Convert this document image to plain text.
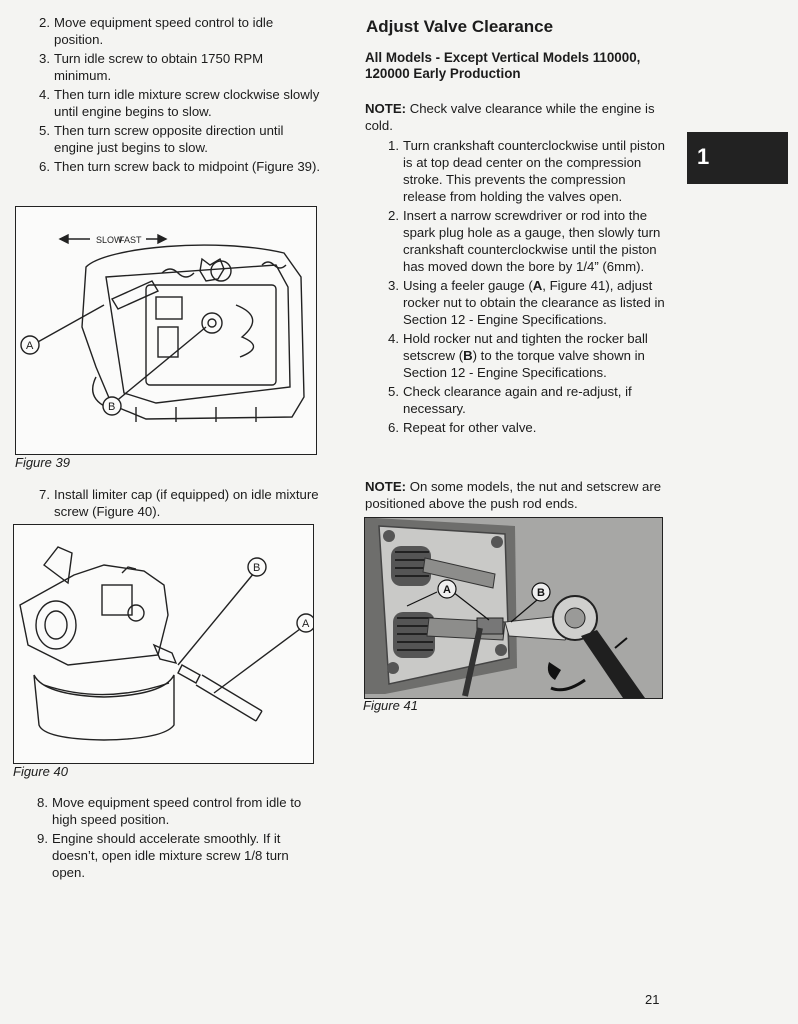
2. Move equipment speed control to idle position.
3. Turn idle screw to obtain 1750 RPM minimum.
4. Then turn idle mixture screw clockwise slowly until engine begins to slow.
5. Then turn screw opposite direction until engine just begins to slow.
6. Then turn screw back to midpoint (Figure 39).
SLOW
FAST
A
B
Figure 39
7. Install limiter cap (if equipped) on idle mixture screw (Figure 40).
B
A
Figure 40
8. Move equipment speed control from idle to high speed position.
9. Engine should accelerate smoothly. If it doesn’t, open idle mixture screw 1/8 turn open.
Adjust Valve Clearance
All Models - Except Vertical Models 110000, 120000 Early Production
NOTE: Check valve clearance while the engine is cold.
1. Turn crankshaft counterclockwise until piston is at top dead center on the compression stroke. This prevents the compression release from holding the valves open.
2. Insert a narrow screwdriver or rod into the spark plug hole as a gauge, then slowly turn crankshaft counterclockwise until the piston has moved down the bore by 1/4” (6mm).
3. Using a feeler gauge (A, Figure 41), adjust rocker nut to obtain the clearance as listed in Section 12 - Engine Specifications.
4. Hold rocker nut and tighten the rocker ball setscrew (B) to the torque valve shown in Section 12 - Engine Specifications.
5. Check clearance again and re-adjust, if necessary.
6. Repeat for other valve.
NOTE: On some models, the nut and setscrew are positioned above the push rod ends.
A	B
Figure 41
1
21
